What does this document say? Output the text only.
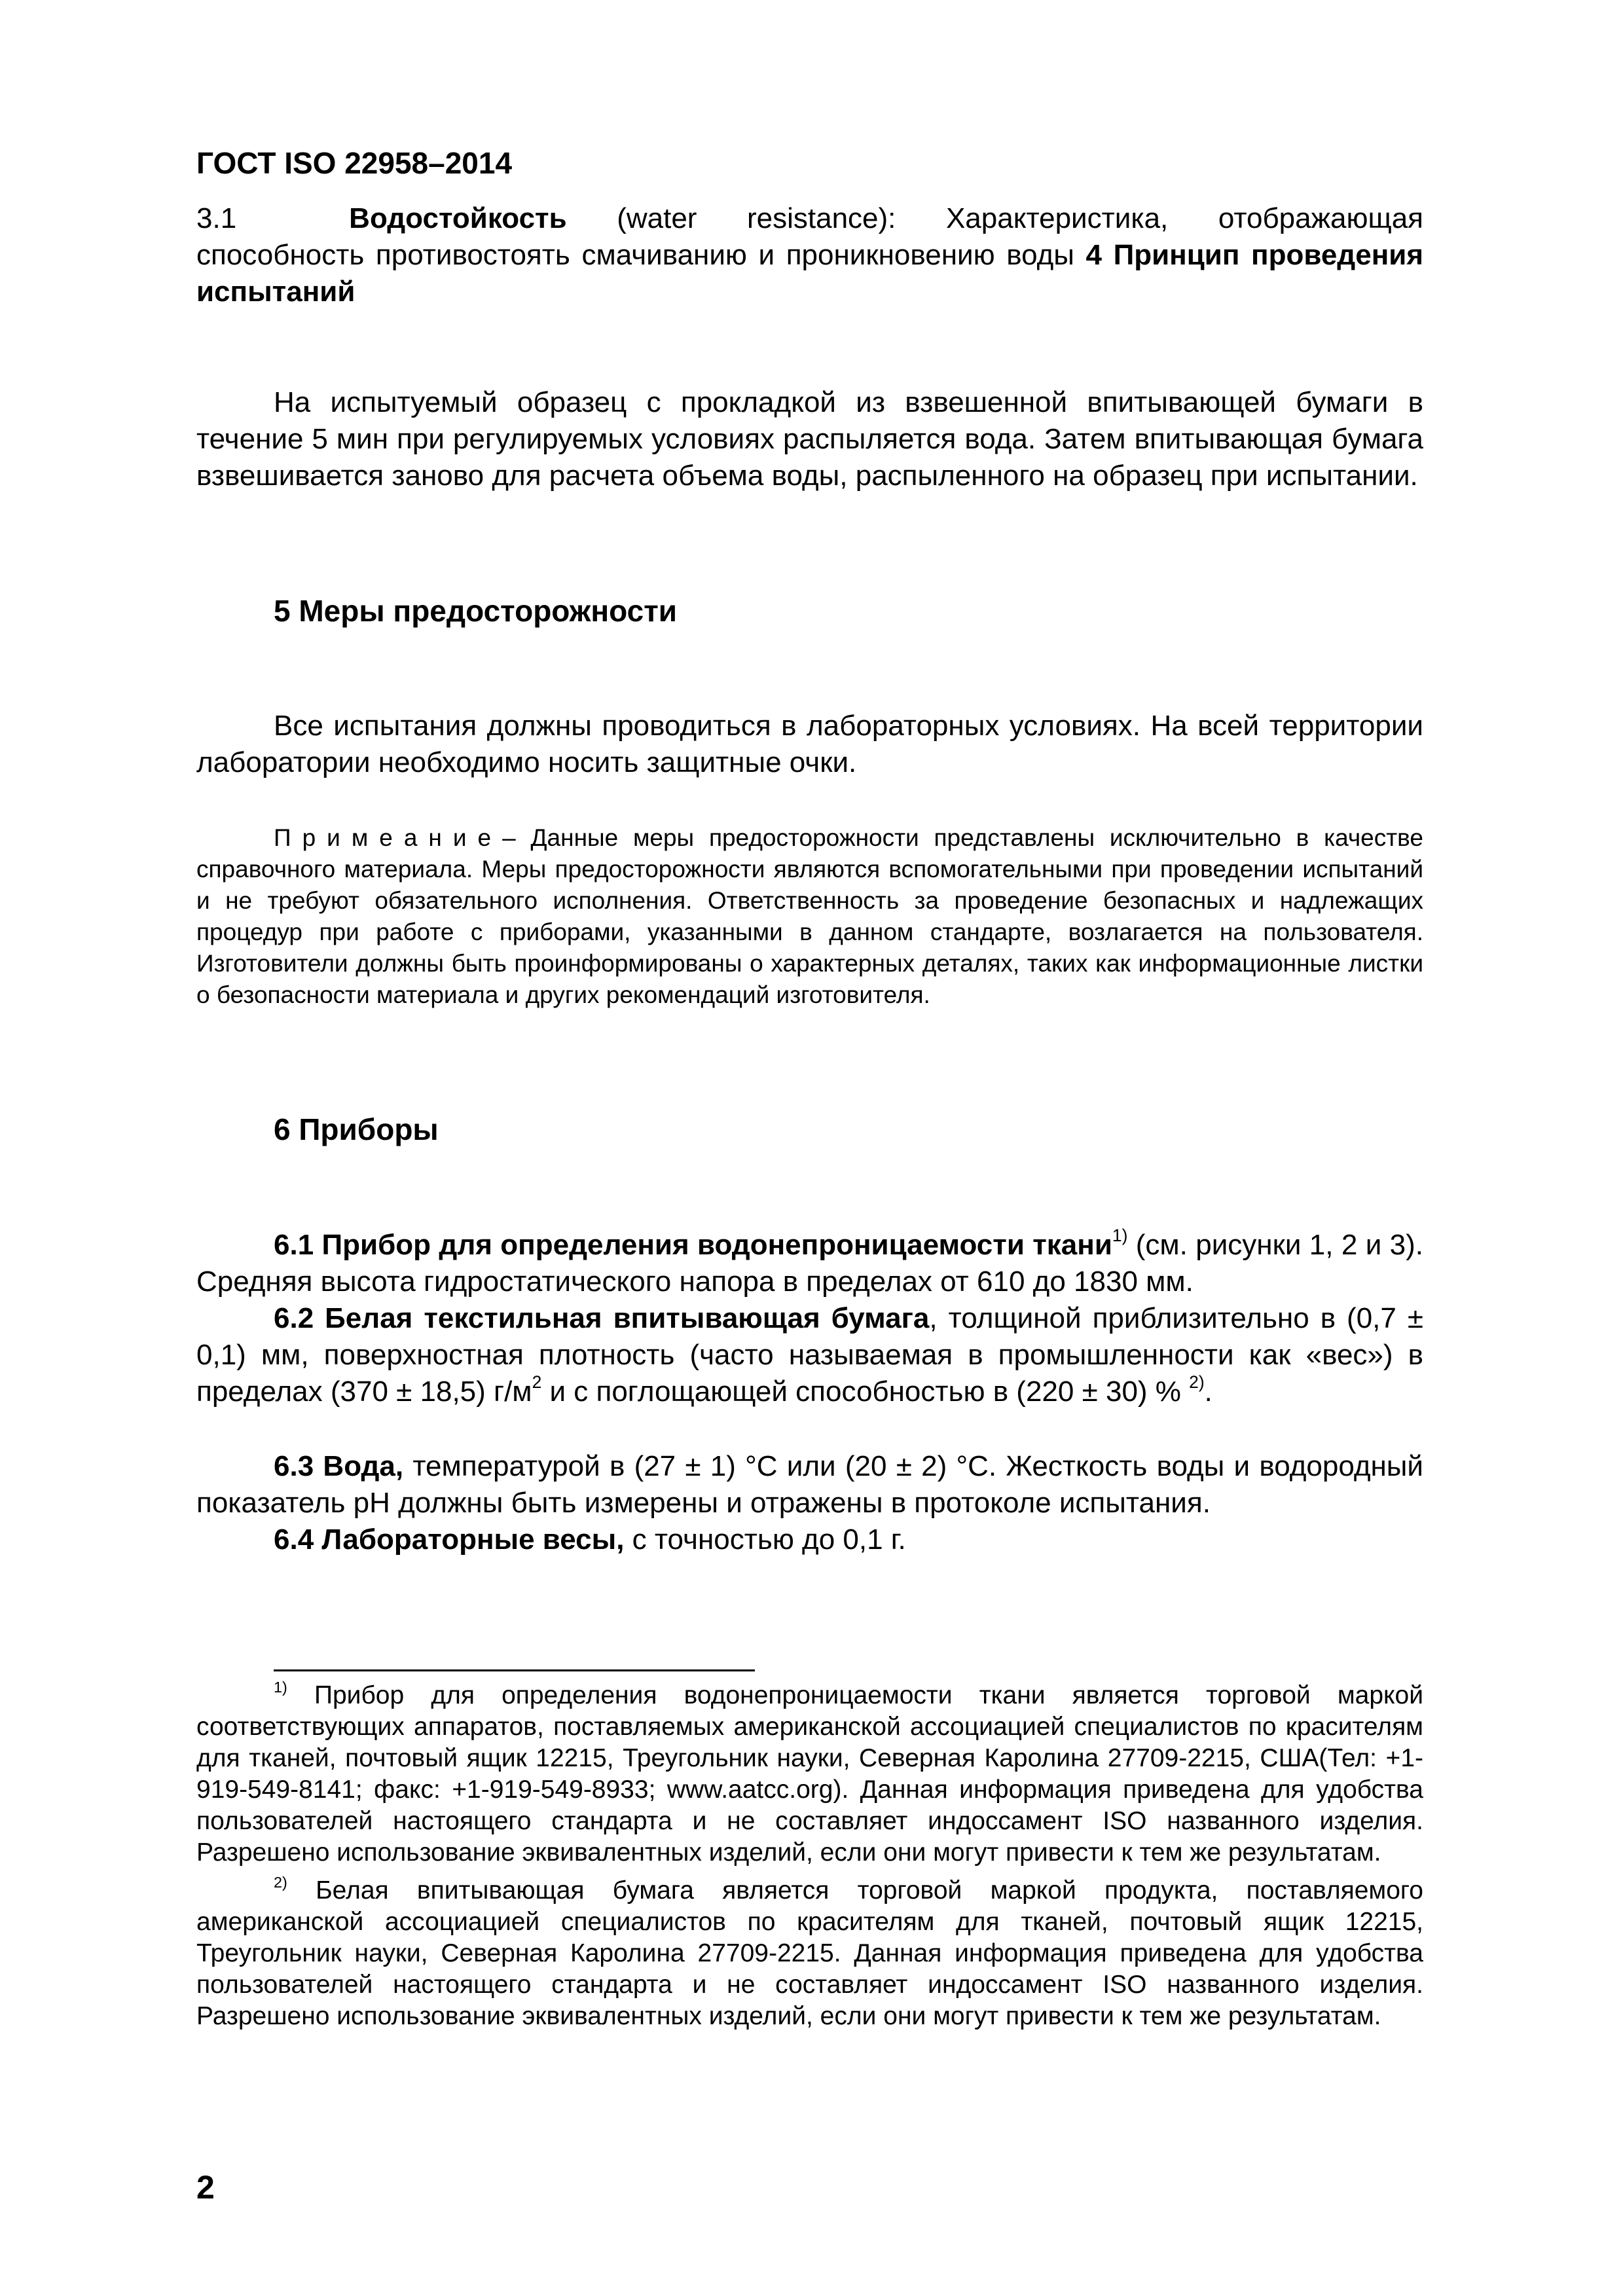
ГОСТ ISO 22958–2014

3.1	Водостойкость (water resistance): Характеристика, отображающая способность противостоять смачиванию и проникновению воды 4 Принцип проведения испытаний

На испытуемый образец с прокладкой из взвешенной впитывающей бумаги в течение 5 мин при регулируемых условиях распыляется вода. Затем впитывающая бумага взвешивается заново для расчета объема воды, распыленного на образец при испытании.

5 Меры предосторожности

Все испытания должны проводиться в лабораторных условиях. На всей территории лаборатории необходимо носить защитные очки.

Примеание– Данные меры предосторожности представлены исключительно в качестве справочного материала. Меры предосторожности являются вспомогательными при проведении испытаний и не требуют обязательного исполнения. Ответственность за проведение безопасных и надлежащих процедур при работе с приборами, указанными в данном стандарте, возлагается на пользователя. Изготовители должны быть проинформированы о характерных деталях, таких как информационные листки о безопасности материала и других рекомендаций изготовителя.

6 Приборы

6.1 Прибор для определения водонепроницаемости ткани$^{1)}$ (см. рисунки 1, 2 и 3). Средняя высота гидростатического напора в пределах от 610 до 1830 мм.

6.2 Белая текстильная впитывающая бумага, толщиной приблизительно в (0,7 ± 0,1) мм, поверхностная плотность (часто называемая в промышленности как «вес») в пределах (370 ± 18,5) $г/м^2$ и с поглощающей способностью в (220 ± 30) % $^{2)}$.

6.3 Вода, температурой в (27 ± 1) °С или (20 ± 2) °С. Жесткость воды и водородный показатель pH должны быть измерены и отражены в протоколе испытания.

6.4 Лабораторные весы, с точностью до 0,1 г.

$^{1)}$ Прибор для определения водонепроницаемости ткани является торговой маркой соответствующих аппаратов, поставляемых американской ассоциацией специалистов по красителям для тканей, почтовый ящик 12215, Треугольник науки, Северная Каролина 27709-2215, США(Тел: +1-919-549-8141; факс: +1-919-549-8933; www.aatcc.org). Данная информация приведена для удобства пользователей настоящего стандарта и не составляет индоссамент ISO названного изделия. Разрешено использование эквивалентных изделий, если они могут привести к тем же результатам.

$^{2)}$ Белая впитывающая бумага является торговой маркой продукта, поставляемого американской ассоциацией специалистов по красителям для тканей, почтовый ящик 12215, Треугольник науки, Северная Каролина 27709-2215. Данная информация приведена для удобства пользователей настоящего стандарта и не составляет индоссамент ISO названного изделия. Разрешено использование эквивалентных изделий, если они могут привести к тем же результатам.

2
